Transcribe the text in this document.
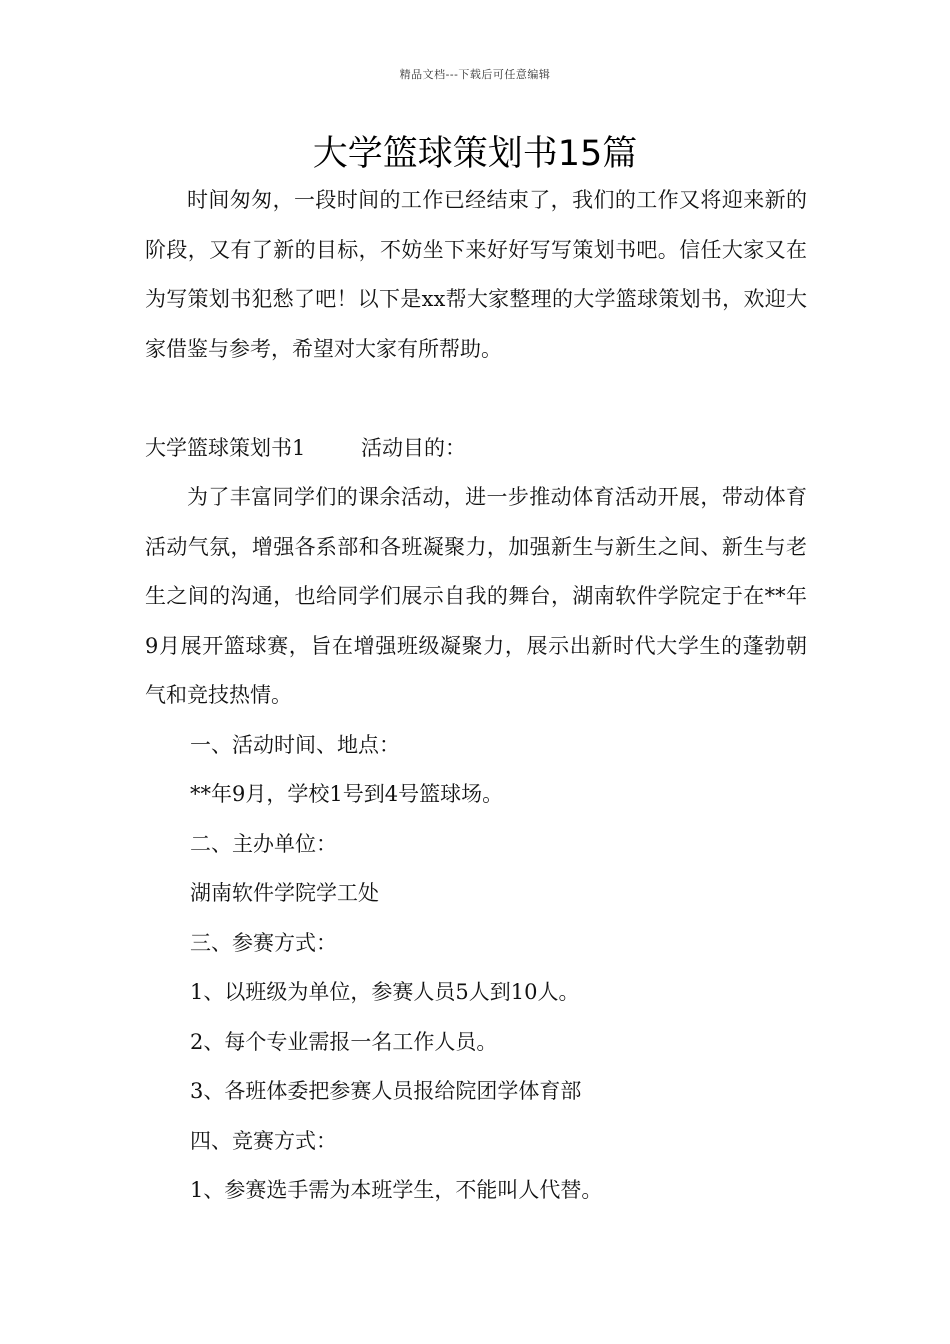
精品文档---下载后可任意编辑
大学篮球策划书15篇

时间匆匆，一段时间的工作已经结束了，我们的工作又将迎来新的阶段，又有了新的目标，不妨坐下来好好写写策划书吧。信任大家又在为写策划书犯愁了吧！以下是xx帮大家整理的大学篮球策划书，欢迎大家借鉴与参考，希望对大家有所帮助。

大学篮球策划书1	活动目的：

为了丰富同学们的课余活动，进一步推动体育活动开展，带动体育活动气氛，增强各系部和各班凝聚力，加强新生与新生之间、新生与老生之间的沟通，也给同学们展示自我的舞台，湖南软件学院定于在**年9月展开篮球赛，旨在增强班级凝聚力，展示出新时代大学生的蓬勃朝气和竞技热情。

一、活动时间、地点：

**年9月，学校1号到4号篮球场。

二、主办单位：

湖南软件学院学工处

三、参赛方式：

1、以班级为单位，参赛人员5人到10人。

2、每个专业需报一名工作人员。

3、各班体委把参赛人员报给院团学体育部

四、竞赛方式：

1、参赛选手需为本班学生，不能叫人代替。
